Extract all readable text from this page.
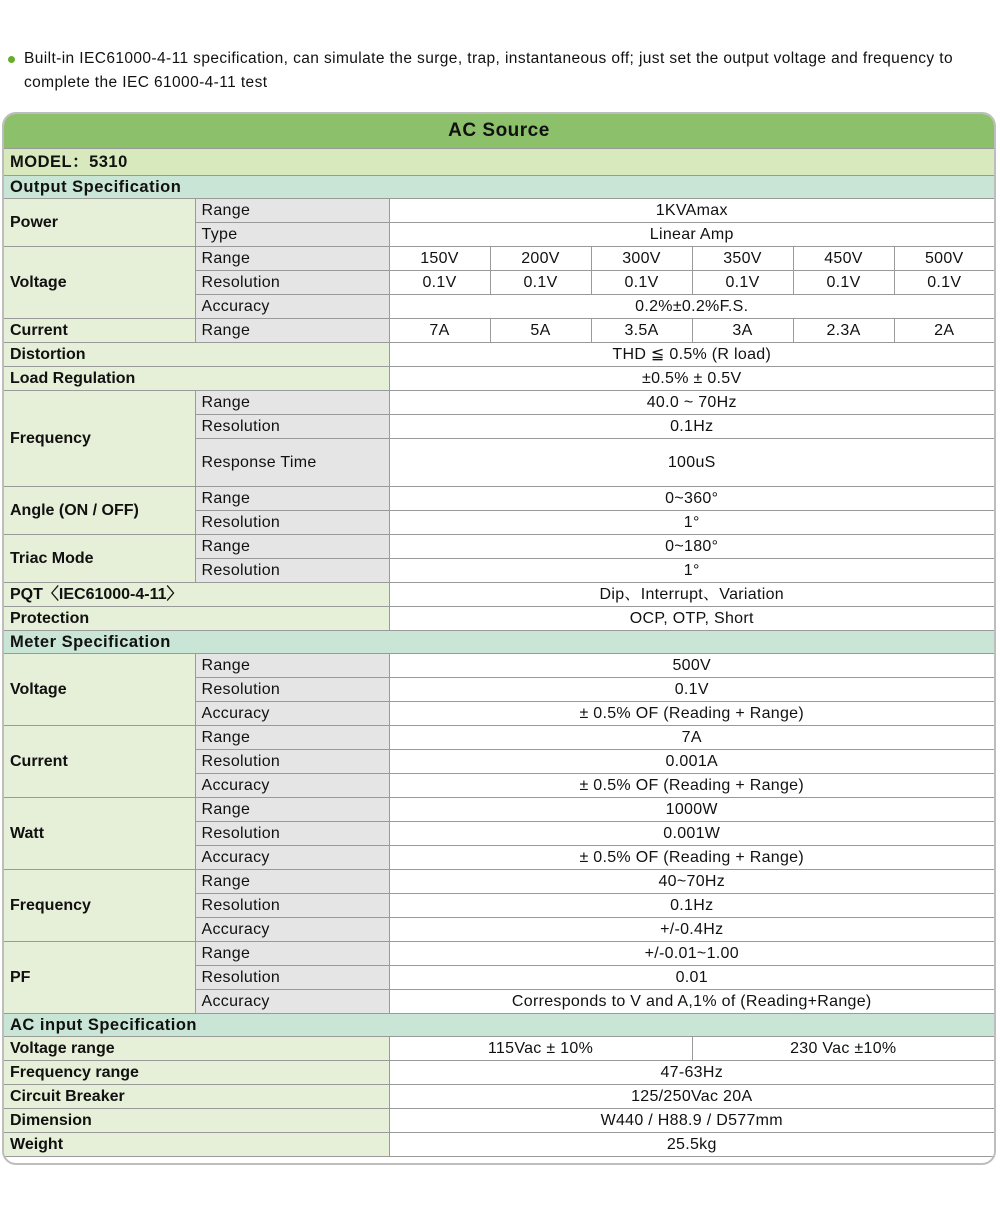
Built-in IEC61000-4-11 specification, can simulate the surge, trap, instantaneous off; just set the output voltage and frequency to complete the IEC 61000-4-11 test
AC Source							
MODEL：5310							
Output Specification							
Power	Range	1KVAmax					
	Type	Linear Amp					
Voltage	Range	150V	200V	300V	350V	450V	500V
	Resolution	0.1V	0.1V	0.1V	0.1V	0.1V	0.1V
	Accuracy	0.2%±0.2%F.S.					
Current	Range	7A	5A	3.5A	3A	2.3A	2A
Distortion		THD ≦ 0.5% (R load)					
Load Regulation		±0.5% ± 0.5V					
Frequency	Range	40.0 ~ 70Hz					
	Resolution	0.1Hz					
	Response Time	100uS					
Angle (ON / OFF)	Range	0~360°					
	Resolution	1°					
Triac Mode	Range	0~180°					
	Resolution	1°					
PQT〈IEC61000-4-11〉		Dip、Interrupt、Variation					
Protection		OCP, OTP, Short					
Meter Specification							
Voltage	Range	500V					
	Resolution	0.1V					
	Accuracy	± 0.5% OF (Reading + Range)					
Current	Range	7A					
	Resolution	0.001A					
	Accuracy	± 0.5% OF (Reading + Range)					
Watt	Range	1000W					
	Resolution	0.001W					
	Accuracy	± 0.5% OF (Reading + Range)					
Frequency	Range	40~70Hz					
	Resolution	0.1Hz					
	Accuracy	+/-0.4Hz					
PF	Range	+/-0.01~1.00					
	Resolution	0.01					
	Accuracy	Corresponds to V and A,1% of (Reading+Range)					
AC input Specification							
Voltage range		115Vac ± 10%			230 Vac ±10%		
Frequency range		47-63Hz					
Circuit Breaker		125/250Vac 20A					
Dimension		W440 / H88.9 / D577mm					
Weight		25.5kg					
